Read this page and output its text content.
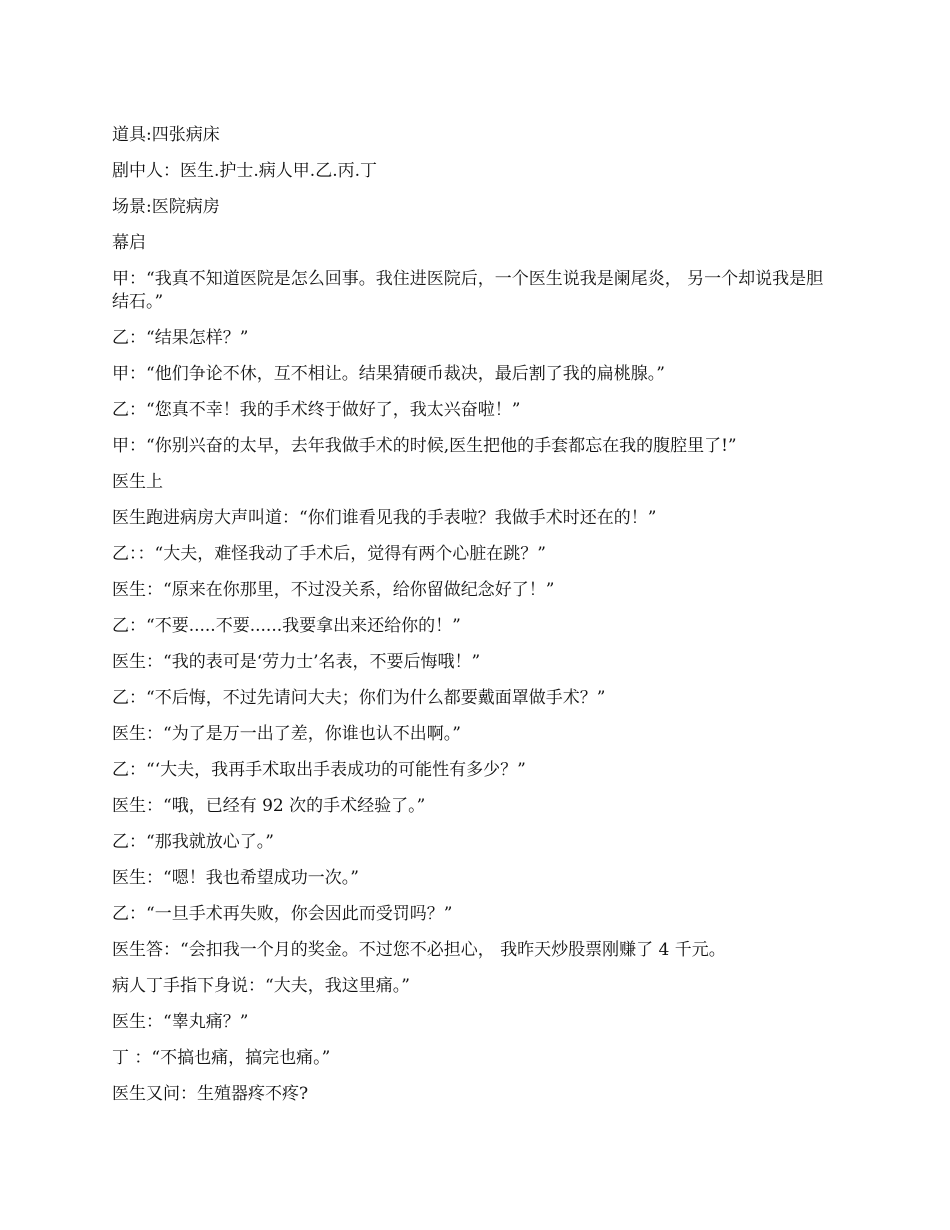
道具:四张病床

剧中人：医生.护士.病人甲.乙.丙.丁

场景:医院病房

幕启

甲：“我真不知道医院是怎么回事。我住进医院后，一个医生说我是阑尾炎， 另一个却说我是胆结石。”

乙：“结果怎样？”

甲：“他们争论不休，互不相让。结果猜硬币裁决，最后割了我的扁桃腺。”

乙：“您真不幸！我的手术终于做好了，我太兴奋啦！”

甲：“你别兴奋的太早，去年我做手术的时候,医生把他的手套都忘在我的腹腔里了!”

医生上

医生跑进病房大声叫道：“你们谁看见我的手表啦？我做手术时还在的！”

乙：：“大夫，难怪我动了手术后，觉得有两个心脏在跳？”

医生：“原来在你那里，不过没关系，给你留做纪念好了！”

乙：“不要.....不要......我要拿出来还给你的！”

医生：“我的表可是‘劳力士’名表，不要后悔哦！”

乙：“不后悔，不过先请问大夫；你们为什么都要戴面罩做手术？”

医生：“为了是万一出了差，你谁也认不出啊。”

乙：“‘大夫，我再手术取出手表成功的可能性有多少？”

医生：“哦，已经有 92 次的手术经验了。”

乙：“那我就放心了。”

医生：“嗯！我也希望成功一次。”

乙：“一旦手术再失败，你会因此而受罚吗？”

医生答：“会扣我一个月的奖金。不过您不必担心， 我昨天炒股票刚赚了 4 千元。

病人丁手指下身说：“大夫，我这里痛。”

医生：“睾丸痛？”

丁 ：“不搞也痛，搞完也痛。”

医生又问：生殖器疼不疼?
